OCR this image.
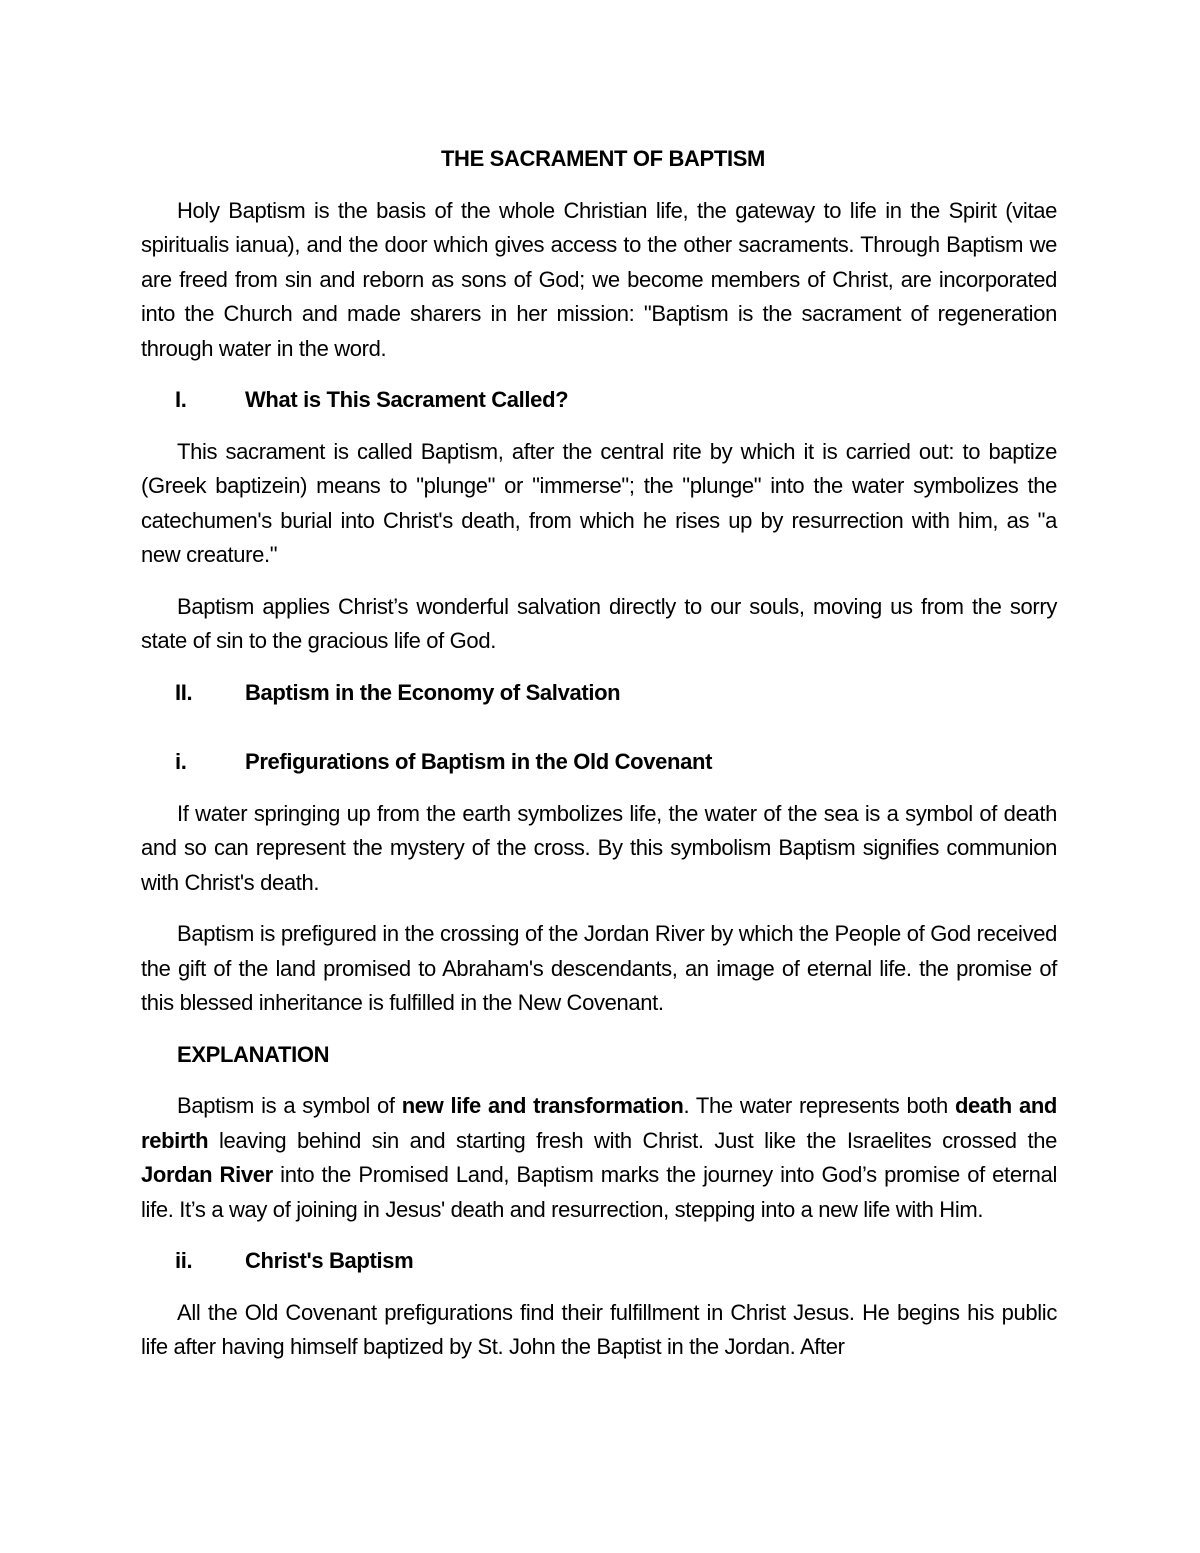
THE SACRAMENT OF BAPTISM

Holy Baptism is the basis of the whole Christian life, the gateway to life in the Spirit (vitae spiritualis ianua), and the door which gives access to the other sacraments. Through Baptism we are freed from sin and reborn as sons of God; we become members of Christ, are incorporated into the Church and made sharers in her mission: "Baptism is the sacrament of regeneration through water in the word.

I.	What is This Sacrament Called?

This sacrament is called Baptism, after the central rite by which it is carried out: to baptize (Greek baptizein) means to "plunge" or "immerse"; the "plunge" into the water symbolizes the catechumen's burial into Christ's death, from which he rises up by resurrection with him, as "a new creature."

Baptism applies Christ’s wonderful salvation directly to our souls, moving us from the sorry state of sin to the gracious life of God.

II.	Baptism in the Economy of Salvation
i.	Prefigurations of Baptism in the Old Covenant

If water springing up from the earth symbolizes life, the water of the sea is a symbol of death and so can represent the mystery of the cross. By this symbolism Baptism signifies communion with Christ's death.

Baptism is prefigured in the crossing of the Jordan River by which the People of God received the gift of the land promised to Abraham's descendants, an image of eternal life. the promise of this blessed inheritance is fulfilled in the New Covenant.

EXPLANATION

Baptism is a symbol of new life and transformation. The water represents both death and rebirth leaving behind sin and starting fresh with Christ. Just like the Israelites crossed the Jordan River into the Promised Land, Baptism marks the journey into God’s promise of eternal life. It’s a way of joining in Jesus' death and resurrection, stepping into a new life with Him.

ii.	Christ's Baptism

All the Old Covenant prefigurations find their fulfillment in Christ Jesus. He begins his public life after having himself baptized by St. John the Baptist in the Jordan. After
